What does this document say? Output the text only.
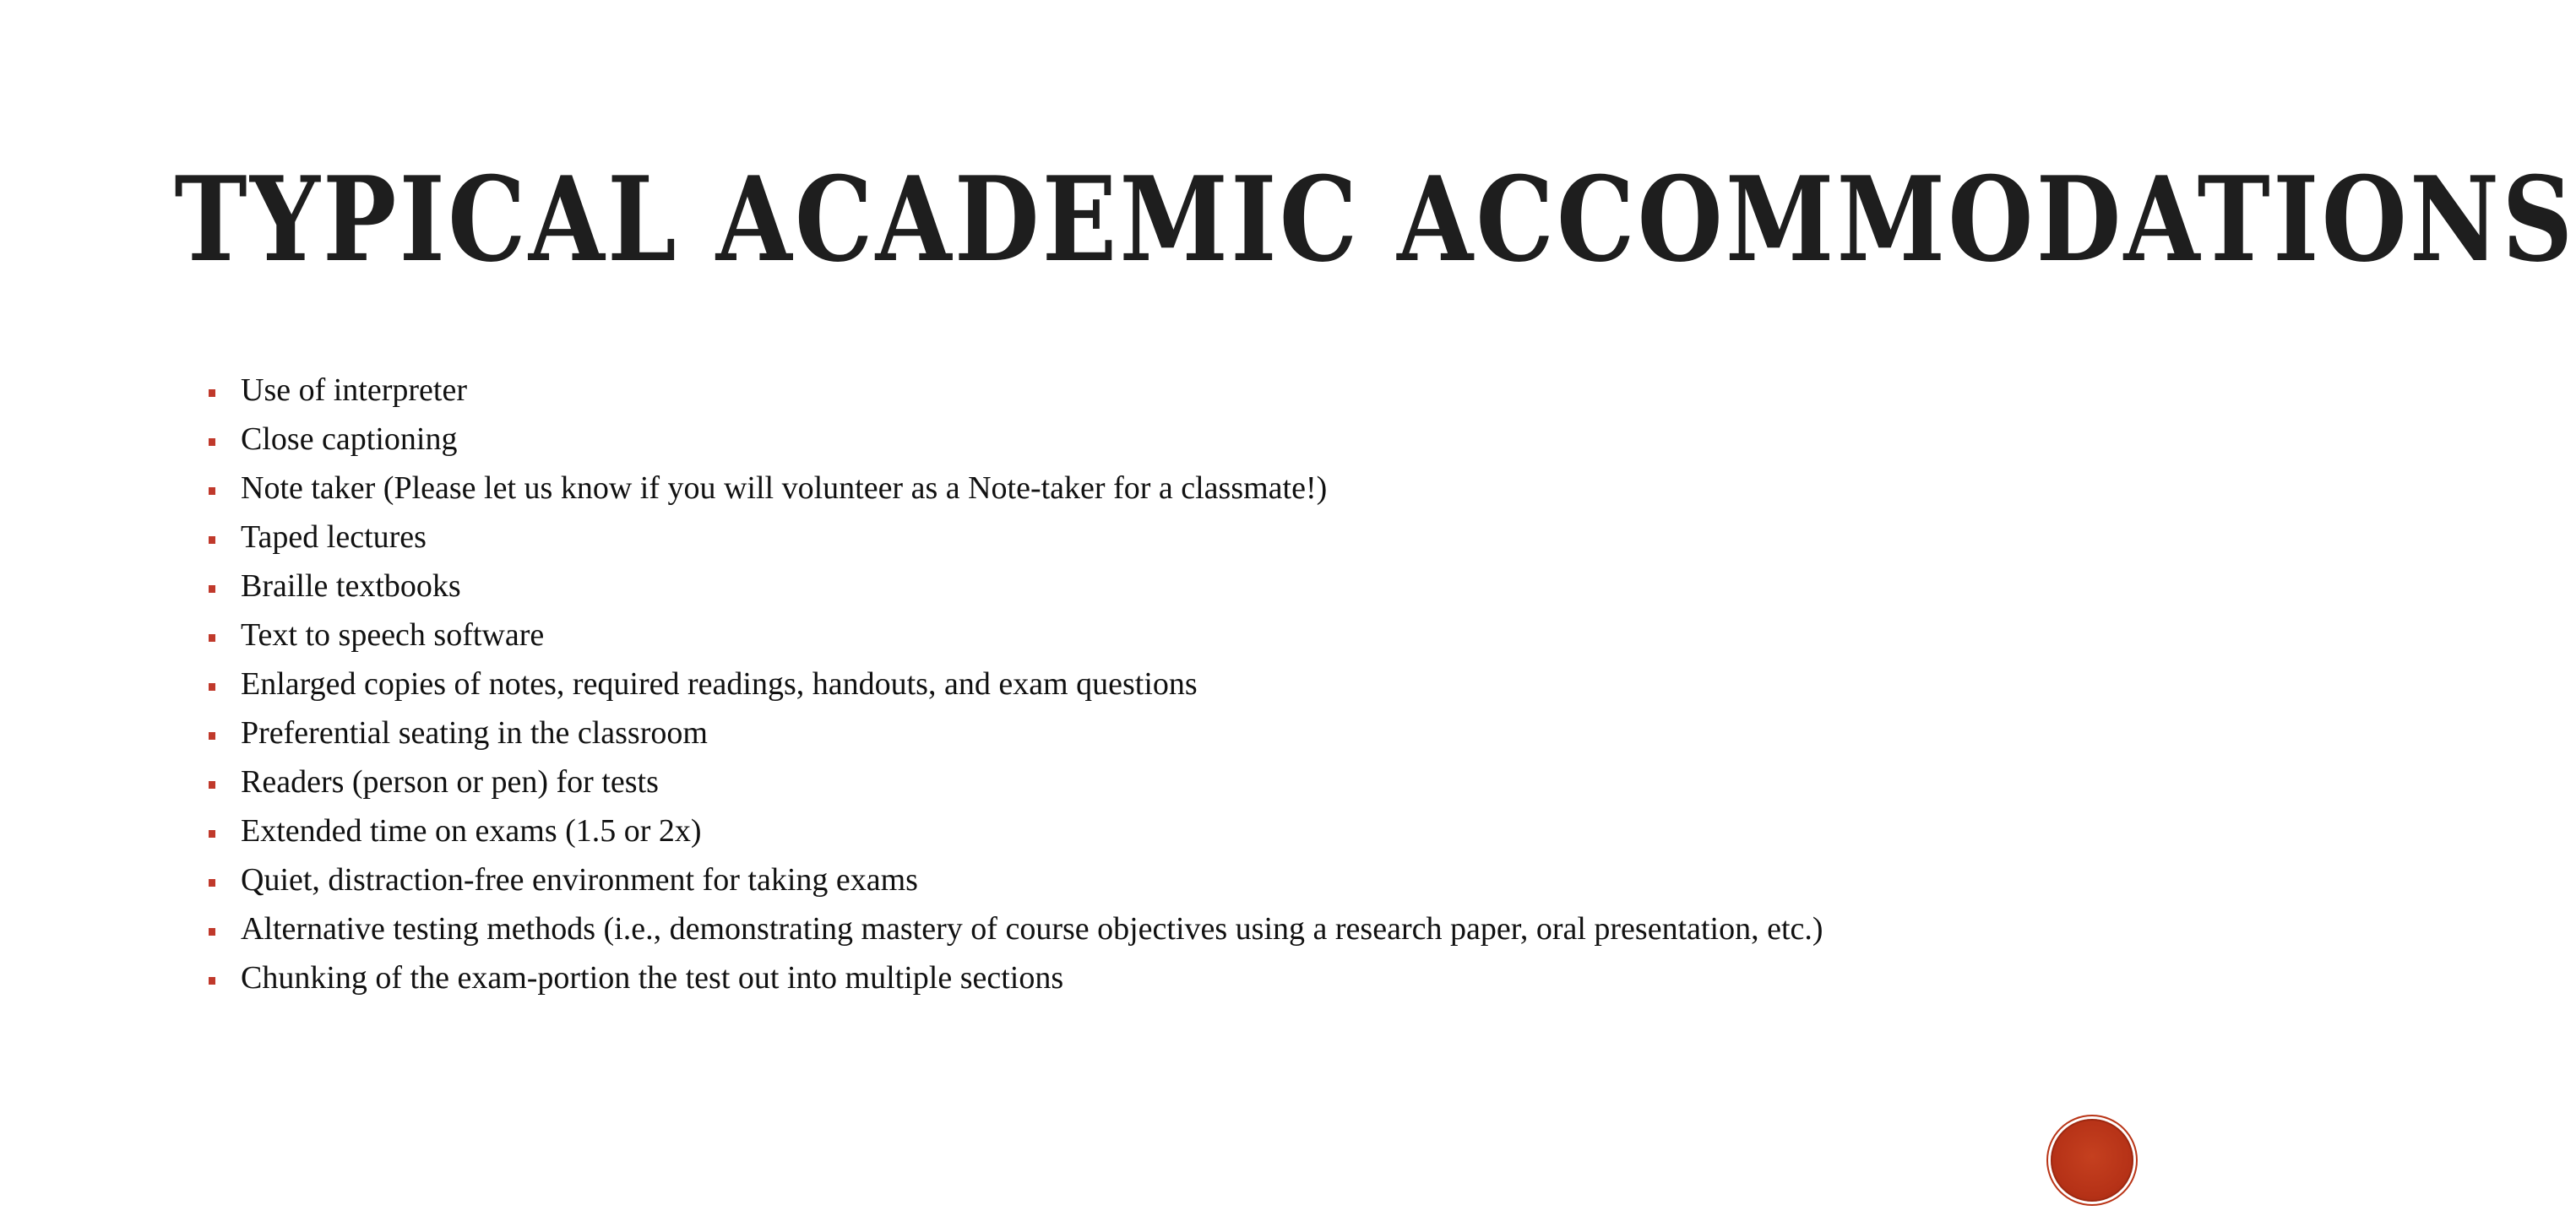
TYPICAL ACADEMIC ACCOMMODATIONS
Use of interpreter
Close captioning
Note taker (Please let us know if you will volunteer as a Note-taker for a classmate!)
Taped lectures
Braille textbooks
Text to speech software
Enlarged copies of notes, required readings, handouts, and exam questions
Preferential seating in the classroom
Readers (person or pen) for tests
Extended time on exams (1.5 or 2x)
Quiet, distraction-free environment for taking exams
Alternative testing methods (i.e., demonstrating mastery of course objectives using a research paper, oral presentation, etc.)
Chunking of the exam-portion the test out into multiple sections
